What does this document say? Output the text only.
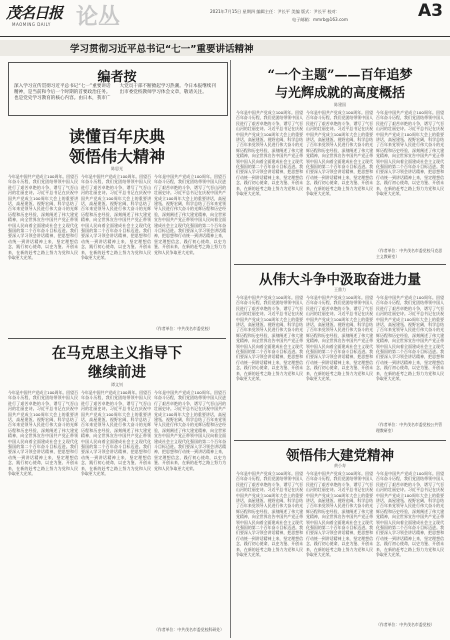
茂名日报
MAOMING DAILY 论丛	2021年7月15日 星期四 编辑主任：尹长平 美编 版式：尹长平 校对：
电子邮箱：mmrb@163.com	A3
学习贯彻习近平总书记“七一”重要讲话精神
编者按
深入学习宣传贯彻习近平总书记“七一”重要讲话精神，是当前和今后一个时期的首要政治任务。也是党史学习教育的核心内容。由日本，我市广大党员干部不断掀起学习热潮。今日本报继续刊出市委党校教师学习体会文章，敬请关注。
读懂百年庆典
领悟伟大精神
陈思光
今年是中国共产党成立100周年。回望百年奋斗历程，我们党团结带领中国人民进行了艰苦卓绝的斗争，谱写了气吞山河的壮丽史诗。习近平总书记在庆祝中国共产党成立100周年大会上的重要讲话，高屋建瓴、视野宏阔，科学总结了百年来党领导人民进行伟大奋斗的光辉历程和历史经验，深刻阐述了伟大建党精神，向全世界宣告中国共产党正带领中国人民向着全面建成社会主义现代化强国的第二个百年奋斗目标迈进。我们要深入学习领会讲话精神，把思想和行动统一到讲话精神上来，坚定理想信念，践行初心使命，以史为鉴、开创未来，在新的赶考之路上努力为党和人民争取更大光荣。
今年是中国共产党成立100周年。回望百年奋斗历程，我们党团结带领中国人民进行了艰苦卓绝的斗争，谱写了气吞山河的壮丽史诗。习近平总书记在庆祝中国共产党成立100周年大会上的重要讲话，高屋建瓴、视野宏阔，科学总结了百年来党领导人民进行伟大奋斗的光辉历程和历史经验，深刻阐述了伟大建党精神，向全世界宣告中国共产党正带领中国人民向着全面建成社会主义现代化强国的第二个百年奋斗目标迈进。我们要深入学习领会讲话精神，把思想和行动统一到讲话精神上来，坚定理想信念，践行初心使命，以史为鉴、开创未来，在新的赶考之路上努力为党和人民争取更大光荣。
今年是中国共产党成立100周年。回望百年奋斗历程，我们党团结带领中国人民进行了艰苦卓绝的斗争，谱写了气吞山河的壮丽史诗。习近平总书记在庆祝中国共产党成立100周年大会上的重要讲话，高屋建瓴、视野宏阔，科学总结了百年来党领导人民进行伟大奋斗的光辉历程和历史经验，深刻阐述了伟大建党精神，向全世界宣告中国共产党正带领中国人民向着全面建成社会主义现代化强国的第二个百年奋斗目标迈进。我们要深入学习领会讲话精神，把思想和行动统一到讲话精神上来，坚定理想信念，践行初心使命，以史为鉴、开创未来，在新的赶考之路上努力为党和人民争取更大光荣。
（作者单位：中共茂名市委党校）
在马克思主义指导下
继续前进
谭文钊
今年是中国共产党成立100周年。回望百年奋斗历程，我们党团结带领中国人民进行了艰苦卓绝的斗争，谱写了气吞山河的壮丽史诗。习近平总书记在庆祝中国共产党成立100周年大会上的重要讲话，高屋建瓴、视野宏阔，科学总结了百年来党领导人民进行伟大奋斗的光辉历程和历史经验，深刻阐述了伟大建党精神，向全世界宣告中国共产党正带领中国人民向着全面建成社会主义现代化强国的第二个百年奋斗目标迈进。我们要深入学习领会讲话精神，把思想和行动统一到讲话精神上来，坚定理想信念，践行初心使命，以史为鉴、开创未来，在新的赶考之路上努力为党和人民争取更大光荣。
今年是中国共产党成立100周年。回望百年奋斗历程，我们党团结带领中国人民进行了艰苦卓绝的斗争，谱写了气吞山河的壮丽史诗。习近平总书记在庆祝中国共产党成立100周年大会上的重要讲话，高屋建瓴、视野宏阔，科学总结了百年来党领导人民进行伟大奋斗的光辉历程和历史经验，深刻阐述了伟大建党精神，向全世界宣告中国共产党正带领中国人民向着全面建成社会主义现代化强国的第二个百年奋斗目标迈进。我们要深入学习领会讲话精神，把思想和行动统一到讲话精神上来，坚定理想信念，践行初心使命，以史为鉴、开创未来，在新的赶考之路上努力为党和人民争取更大光荣。
今年是中国共产党成立100周年。回望百年奋斗历程，我们党团结带领中国人民进行了艰苦卓绝的斗争，谱写了气吞山河的壮丽史诗。习近平总书记在庆祝中国共产党成立100周年大会上的重要讲话，高屋建瓴、视野宏阔，科学总结了百年来党领导人民进行伟大奋斗的光辉历程和历史经验，深刻阐述了伟大建党精神，向全世界宣告中国共产党正带领中国人民向着全面建成社会主义现代化强国的第二个百年奋斗目标迈进。我们要深入学习领会讲话精神，把思想和行动统一到讲话精神上来，坚定理想信念，践行初心使命，以史为鉴、开创未来，在新的赶考之路上努力为党和人民争取更大光荣。
（作者单位：中共茂名市委党校科研处）
“一个主题”——百年追梦
与光辉成就的高度概括
陈建国
今年是中国共产党成立100周年。回望百年奋斗历程，我们党团结带领中国人民进行了艰苦卓绝的斗争，谱写了气吞山河的壮丽史诗。习近平总书记在庆祝中国共产党成立100周年大会上的重要讲话，高屋建瓴、视野宏阔，科学总结了百年来党领导人民进行伟大奋斗的光辉历程和历史经验，深刻阐述了伟大建党精神，向全世界宣告中国共产党正带领中国人民向着全面建成社会主义现代化强国的第二个百年奋斗目标迈进。我们要深入学习领会讲话精神，把思想和行动统一到讲话精神上来，坚定理想信念，践行初心使命，以史为鉴、开创未来，在新的赶考之路上努力为党和人民争取更大光荣。
今年是中国共产党成立100周年。回望百年奋斗历程，我们党团结带领中国人民进行了艰苦卓绝的斗争，谱写了气吞山河的壮丽史诗。习近平总书记在庆祝中国共产党成立100周年大会上的重要讲话，高屋建瓴、视野宏阔，科学总结了百年来党领导人民进行伟大奋斗的光辉历程和历史经验，深刻阐述了伟大建党精神，向全世界宣告中国共产党正带领中国人民向着全面建成社会主义现代化强国的第二个百年奋斗目标迈进。我们要深入学习领会讲话精神，把思想和行动统一到讲话精神上来，坚定理想信念，践行初心使命，以史为鉴、开创未来，在新的赶考之路上努力为党和人民争取更大光荣。
今年是中国共产党成立100周年。回望百年奋斗历程，我们党团结带领中国人民进行了艰苦卓绝的斗争，谱写了气吞山河的壮丽史诗。习近平总书记在庆祝中国共产党成立100周年大会上的重要讲话，高屋建瓴、视野宏阔，科学总结了百年来党领导人民进行伟大奋斗的光辉历程和历史经验，深刻阐述了伟大建党精神，向全世界宣告中国共产党正带领中国人民向着全面建成社会主义现代化强国的第二个百年奋斗目标迈进。我们要深入学习领会讲话精神，把思想和行动统一到讲话精神上来，坚定理想信念，践行初心使命，以史为鉴、开创未来，在新的赶考之路上努力为党和人民争取更大光荣。
（作者单位：中共茂名市委党校马克思主义教研室）
从伟大斗争中汲取奋进力量
王鼎力
今年是中国共产党成立100周年。回望百年奋斗历程，我们党团结带领中国人民进行了艰苦卓绝的斗争，谱写了气吞山河的壮丽史诗。习近平总书记在庆祝中国共产党成立100周年大会上的重要讲话，高屋建瓴、视野宏阔，科学总结了百年来党领导人民进行伟大奋斗的光辉历程和历史经验，深刻阐述了伟大建党精神，向全世界宣告中国共产党正带领中国人民向着全面建成社会主义现代化强国的第二个百年奋斗目标迈进。我们要深入学习领会讲话精神，把思想和行动统一到讲话精神上来，坚定理想信念，践行初心使命，以史为鉴、开创未来，在新的赶考之路上努力为党和人民争取更大光荣。
今年是中国共产党成立100周年。回望百年奋斗历程，我们党团结带领中国人民进行了艰苦卓绝的斗争，谱写了气吞山河的壮丽史诗。习近平总书记在庆祝中国共产党成立100周年大会上的重要讲话，高屋建瓴、视野宏阔，科学总结了百年来党领导人民进行伟大奋斗的光辉历程和历史经验，深刻阐述了伟大建党精神，向全世界宣告中国共产党正带领中国人民向着全面建成社会主义现代化强国的第二个百年奋斗目标迈进。我们要深入学习领会讲话精神，把思想和行动统一到讲话精神上来，坚定理想信念，践行初心使命，以史为鉴、开创未来，在新的赶考之路上努力为党和人民争取更大光荣。
今年是中国共产党成立100周年。回望百年奋斗历程，我们党团结带领中国人民进行了艰苦卓绝的斗争，谱写了气吞山河的壮丽史诗。习近平总书记在庆祝中国共产党成立100周年大会上的重要讲话，高屋建瓴、视野宏阔，科学总结了百年来党领导人民进行伟大奋斗的光辉历程和历史经验，深刻阐述了伟大建党精神，向全世界宣告中国共产党正带领中国人民向着全面建成社会主义现代化强国的第二个百年奋斗目标迈进。我们要深入学习领会讲话精神，把思想和行动统一到讲话精神上来，坚定理想信念，践行初心使命，以史为鉴、开创未来，在新的赶考之路上努力为党和人民争取更大光荣。
（作者单位：中共茂名市委党校公共管理教研室）
领悟伟大建党精神
黄小寿
今年是中国共产党成立100周年。回望百年奋斗历程，我们党团结带领中国人民进行了艰苦卓绝的斗争，谱写了气吞山河的壮丽史诗。习近平总书记在庆祝中国共产党成立100周年大会上的重要讲话，高屋建瓴、视野宏阔，科学总结了百年来党领导人民进行伟大奋斗的光辉历程和历史经验，深刻阐述了伟大建党精神，向全世界宣告中国共产党正带领中国人民向着全面建成社会主义现代化强国的第二个百年奋斗目标迈进。我们要深入学习领会讲话精神，把思想和行动统一到讲话精神上来，坚定理想信念，践行初心使命，以史为鉴、开创未来，在新的赶考之路上努力为党和人民争取更大光荣。
今年是中国共产党成立100周年。回望百年奋斗历程，我们党团结带领中国人民进行了艰苦卓绝的斗争，谱写了气吞山河的壮丽史诗。习近平总书记在庆祝中国共产党成立100周年大会上的重要讲话，高屋建瓴、视野宏阔，科学总结了百年来党领导人民进行伟大奋斗的光辉历程和历史经验，深刻阐述了伟大建党精神，向全世界宣告中国共产党正带领中国人民向着全面建成社会主义现代化强国的第二个百年奋斗目标迈进。我们要深入学习领会讲话精神，把思想和行动统一到讲话精神上来，坚定理想信念，践行初心使命，以史为鉴、开创未来，在新的赶考之路上努力为党和人民争取更大光荣。
今年是中国共产党成立100周年。回望百年奋斗历程，我们党团结带领中国人民进行了艰苦卓绝的斗争，谱写了气吞山河的壮丽史诗。习近平总书记在庆祝中国共产党成立100周年大会上的重要讲话，高屋建瓴、视野宏阔，科学总结了百年来党领导人民进行伟大奋斗的光辉历程和历史经验，深刻阐述了伟大建党精神，向全世界宣告中国共产党正带领中国人民向着全面建成社会主义现代化强国的第二个百年奋斗目标迈进。我们要深入学习领会讲话精神，把思想和行动统一到讲话精神上来，坚定理想信念，践行初心使命，以史为鉴、开创未来，在新的赶考之路上努力为党和人民争取更大光荣。
（作者单位：中共茂名市委党校）
